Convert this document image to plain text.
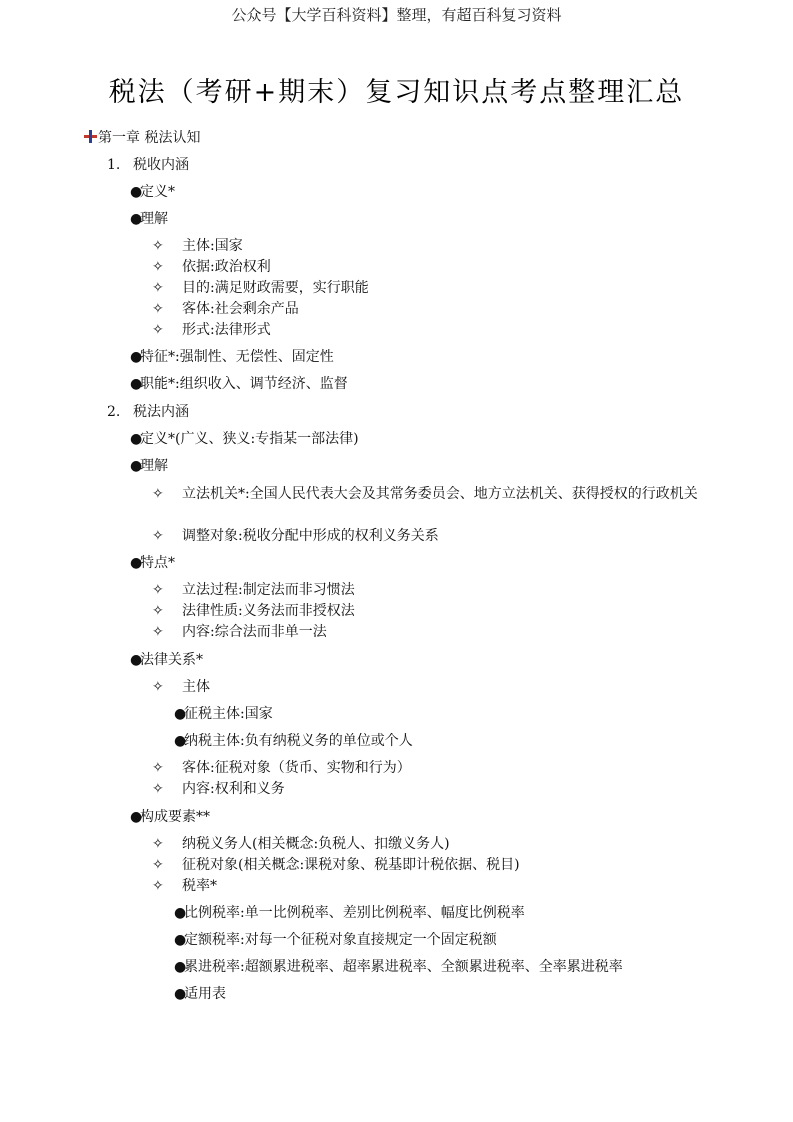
公众号【大学百科资料】整理，有超百科复习资料
税法（考研+期末）复习知识点考点整理汇总
第一章 税法认知
1. 税收内涵
●定义*
●理解
✧ 主体:国家
✧ 依据:政治权利
✧ 目的:满足财政需要，实行职能
✧ 客体:社会剩余产品
✧ 形式:法律形式
●特征*:强制性、无偿性、固定性
●职能*:组织收入、调节经济、监督
2. 税法内涵
●定义*(广义、狭义:专指某一部法律)
●理解
✧	立法机关*:全国人民代表大会及其常务委员会、地方立法机关、获得授权的行政机关
✧ 调整对象:税收分配中形成的权利义务关系
●特点*
✧ 立法过程:制定法而非习惯法
✧ 法律性质:义务法而非授权法
✧ 内容:综合法而非单一法
●法律关系*
✧ 主体
●征税主体:国家
●纳税主体:负有纳税义务的单位或个人
✧ 客体:征税对象（货币、实物和行为）
✧ 内容:权利和义务
●构成要素**
✧ 纳税义务人(相关概念:负税人、扣缴义务人)
✧ 征税对象(相关概念:课税对象、税基即计税依据、税目)
✧ 税率*
●比例税率:单一比例税率、差别比例税率、幅度比例税率
●定额税率:对每一个征税对象直接规定一个固定税额
●累进税率:超额累进税率、超率累进税率、全额累进税率、全率累进税率
●适用表
